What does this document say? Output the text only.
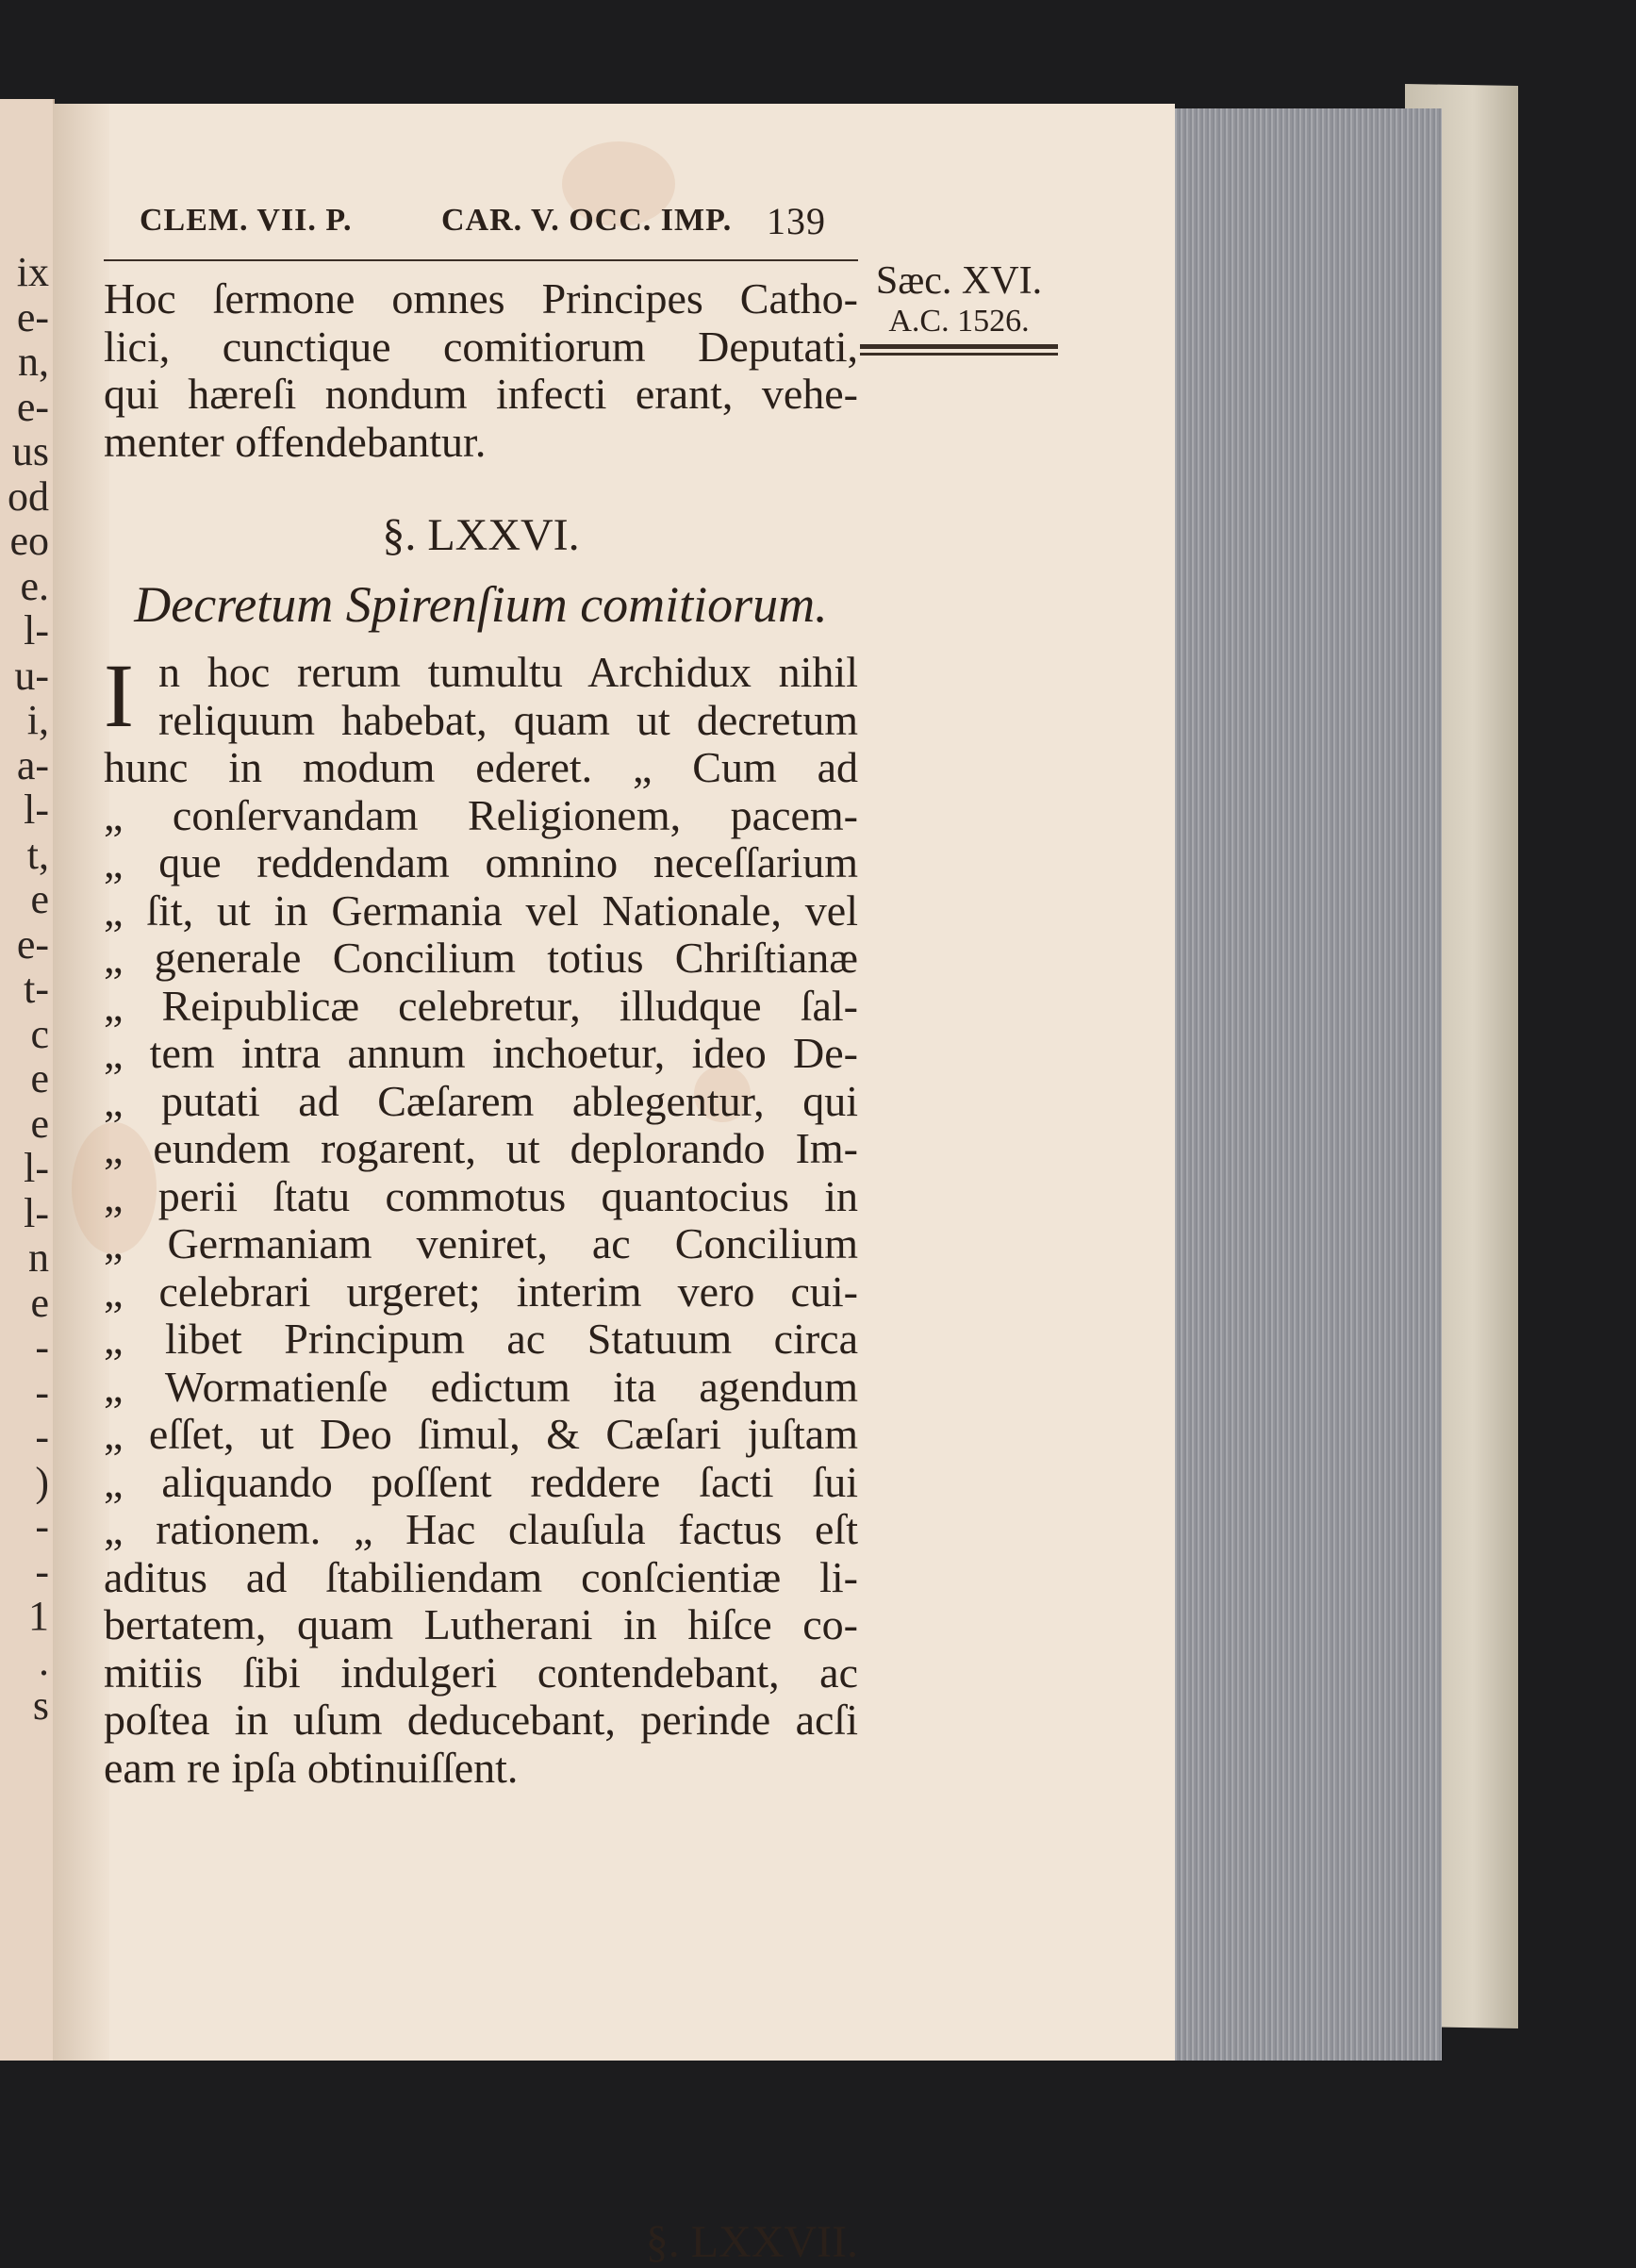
ix
e-
n,
e-
us
od
eo
e.
l-
u-
i,
a-
l-
t,
e
e-
t-
c
e
e
l-
l-
n
e
-
-
-
)
-
-
1
.
s
CLEM. VII. P.	CAR. V. OCC. IMP. 139
Sæc. XVI.
A.C. 1526.
Hoc ſermone omnes Principes Catho-
lici, cunctique comitiorum Deputati,
qui hæreſi nondum infecti erant, vehe-
menter offendebantur.
§. LXXVI.
Decretum Spirenſium comitiorum.
I n hoc rerum tumultu Archidux nihil
reliquum habebat, quam ut decretum
hunc in modum ederet. „ Cum ad
„ conſervandam Religionem, pacem-
„ que reddendam omnino neceſſarium
„ ſit, ut in Germania vel Nationale, vel
„ generale Concilium totius Chriſtianæ
„ Reipublicæ celebretur, illudque ſal-
„ tem intra annum inchoetur, ideo De-
„ putati ad Cæſarem ablegentur, qui
„ eundem rogarent, ut deplorando Im-
„ perii ſtatu commotus quantocius in
„ Germaniam veniret, ac Concilium
„ celebrari urgeret; interim vero cui-
„ libet Principum ac Statuum circa
„ Wormatienſe edictum ita agendum
„ eſſet, ut Deo ſimul, & Cæſari juſtam
„ aliquando poſſent reddere ſacti ſui
„ rationem. „ Hac clauſula factus eſt
aditus ad ſtabiliendam conſcientiæ li-
bertatem, quam Lutherani in hiſce co-
mitiis ſibi indulgeri contendebant, ac
poſtea in uſum deducebant, perinde acſi
eam re ipſa obtinuiſſent.
§. LXXVII.
